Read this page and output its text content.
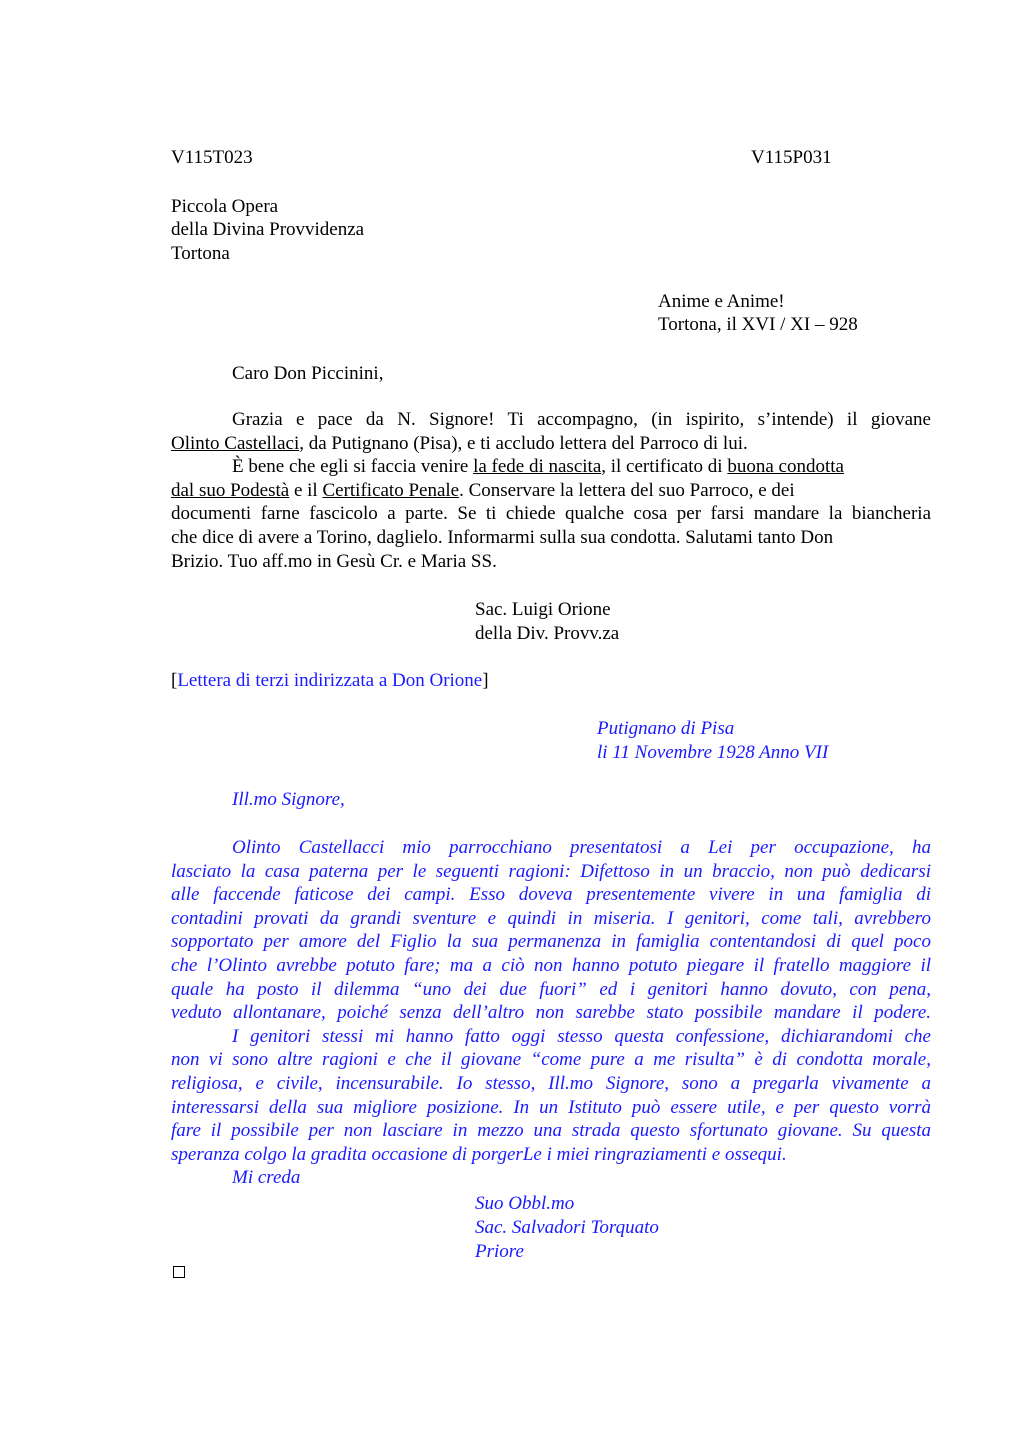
V115T023	V115P031
Piccola Opera
della Divina Provvidenza
Tortona
Anime e Anime!
Tortona, il XVI / XI – 928
Caro Don Piccinini,
Grazia e pace da N. Signore! Ti accompagno, (in ispirito, s’intende) il giovane
Olinto Castellaci, da Putignano (Pisa), e ti accludo lettera del Parroco di lui.
È bene che egli si faccia venire la fede di nascita, il certificato di buona condotta
dal suo Podestà e il Certificato Penale. Conservare la lettera del suo Parroco, e dei
documenti farne fascicolo a parte. Se ti chiede qualche cosa per farsi mandare la biancheria
che dice di avere a Torino, daglielo. Informarmi sulla sua condotta. Salutami tanto Don
Brizio. Tuo aff.mo in Gesù Cr. e Maria SS.
Sac. Luigi Orione
della Div. Provv.za
[Lettera di terzi indirizzata a Don Orione]
Putignano di Pisa
li 11 Novembre 1928 Anno VII
Ill.mo Signore,
Olinto Castellacci mio parrocchiano presentatosi a Lei per occupazione, ha
lasciato la casa paterna per le seguenti ragioni: Difettoso in un braccio, non può dedicarsi
alle faccende faticose dei campi. Esso doveva presentemente vivere in una famiglia di
contadini provati da grandi sventure e quindi in miseria. I genitori, come tali, avrebbero
sopportato per amore del Figlio la sua permanenza in famiglia contentandosi di quel poco
che l’Olinto avrebbe potuto fare; ma a ciò non hanno potuto piegare il fratello maggiore il
quale ha posto il dilemma “uno dei due fuori” ed i genitori hanno dovuto, con pena,
veduto allontanare, poiché senza dell’altro non sarebbe stato possibile mandare il podere.
I genitori stessi mi hanno fatto oggi stesso questa confessione, dichiarandomi che
non vi sono altre ragioni e che il giovane “come pure a me risulta” è di condotta morale,
religiosa, e civile, incensurabile. Io stesso, Ill.mo Signore, sono a pregarla vivamente a
interessarsi della sua migliore posizione. In un Istituto può essere utile, e per questo vorrà
fare il possibile per non lasciare in mezzo una strada questo sfortunato giovane. Su questa
speranza colgo la gradita occasione di porgerLe i miei ringraziamenti e ossequi.
Mi creda
Suo Obbl.mo
Sac. Salvadori Torquato
Priore
